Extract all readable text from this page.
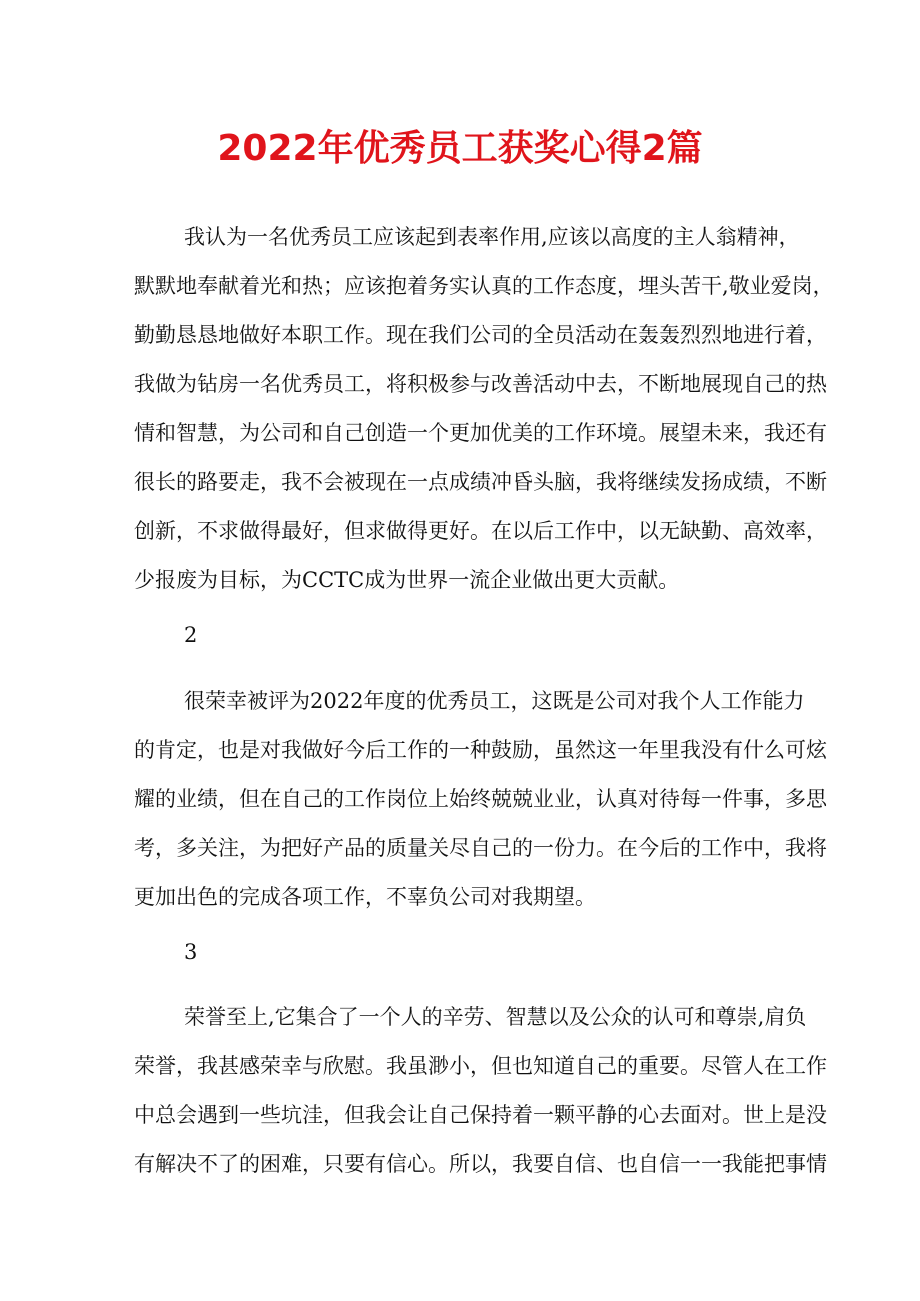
2022年优秀员工获奖心得2篇
我认为一名优秀员工应该起到表率作用,应该以高度的主人翁精神，
默默地奉献着光和热；应该抱着务实认真的工作态度，埋头苦干,敬业爱岗，
勤勤恳恳地做好本职工作。现在我们公司的全员活动在轰轰烈烈地进行着，
我做为钻房一名优秀员工，将积极参与改善活动中去，不断地展现自己的热
情和智慧，为公司和自己创造一个更加优美的工作环境。展望未来，我还有
很长的路要走，我不会被现在一点成绩冲昏头脑，我将继续发扬成绩，不断
创新，不求做得最好，但求做得更好。在以后工作中，以无缺勤、高效率，
少报废为目标，为CCTC成为世界一流企业做出更大贡献。
2
很荣幸被评为2022年度的优秀员工，这既是公司对我个人工作能力
的肯定，也是对我做好今后工作的一种鼓励，虽然这一年里我没有什么可炫
耀的业绩，但在自己的工作岗位上始终兢兢业业，认真对待每一件事，多思
考，多关注，为把好产品的质量关尽自己的一份力。在今后的工作中，我将
更加出色的完成各项工作，不辜负公司对我期望。
3
荣誉至上,它集合了一个人的辛劳、智慧以及公众的认可和尊崇,肩负
荣誉，我甚感荣幸与欣慰。我虽渺小，但也知道自己的重要。尽管人在工作
中总会遇到一些坑洼，但我会让自己保持着一颗平静的心去面对。世上是没
有解决不了的困难，只要有信心。所以，我要自信、也自信一一我能把事情
